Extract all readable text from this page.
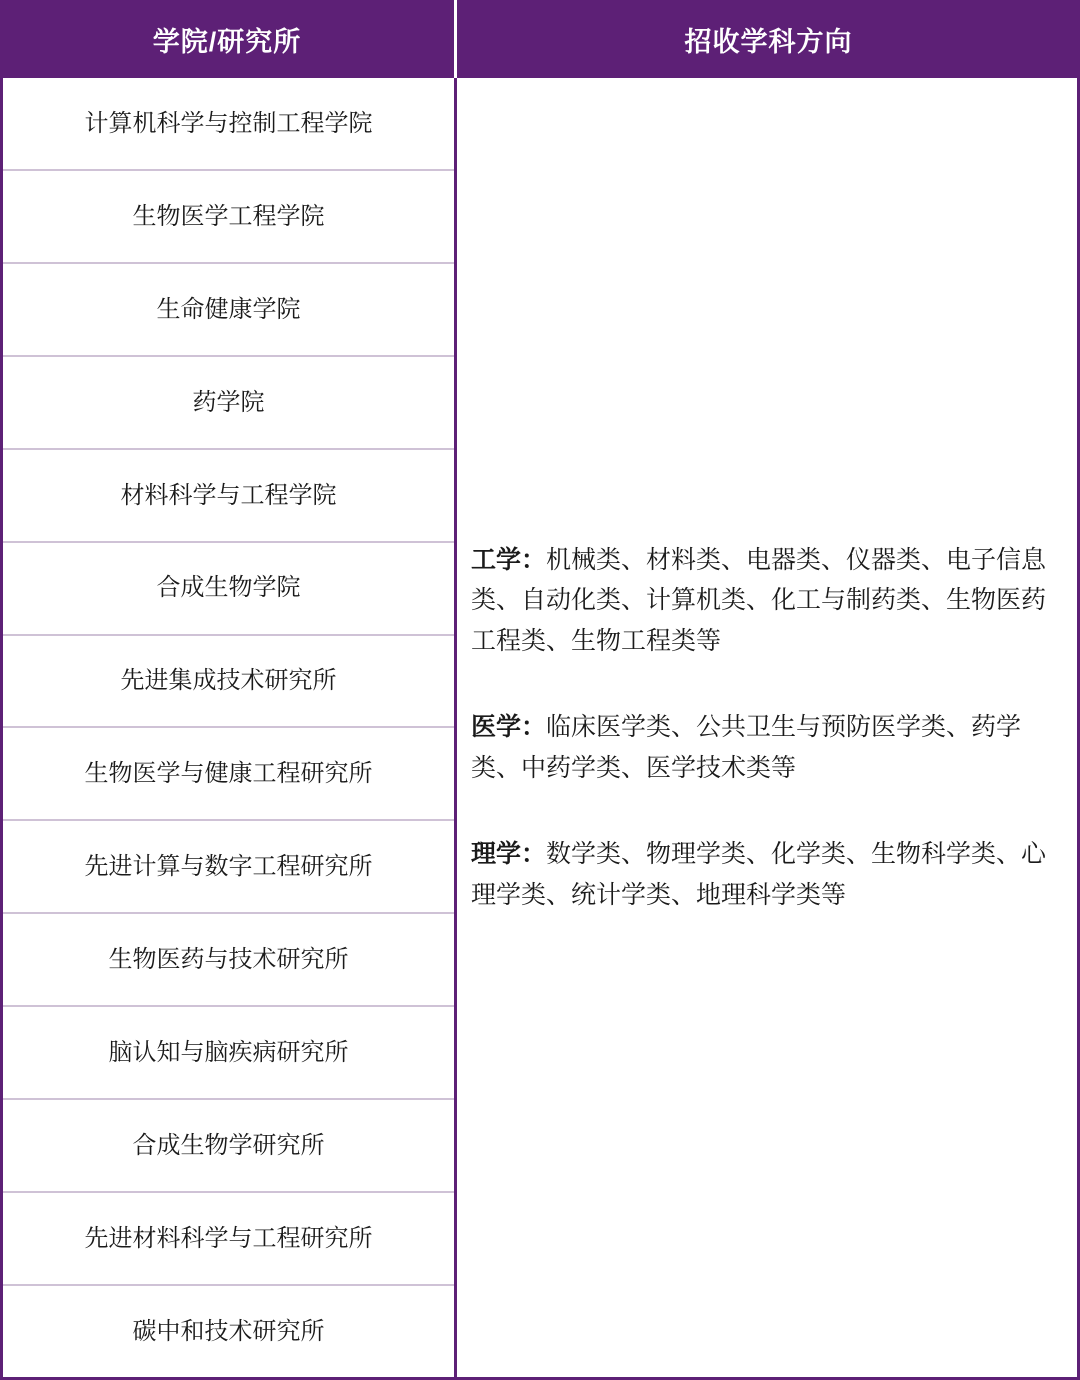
学院/研究所	招收学科方向
计算机科学与控制工程学院
生物医学工程学院
生命健康学院
药学院
材料科学与工程学院
合成生物学院
先进集成技术研究所
生物医学与健康工程研究所
先进计算与数字工程研究所
生物医药与技术研究所
脑认知与脑疾病研究所
合成生物学研究所
先进材料科学与工程研究所
碳中和技术研究所

工学：机械类、材料类、电器类、仪器类、电子信息类、自动化类、计算机类、化工与制药类、生物医药工程类、生物工程类等

医学：临床医学类、公共卫生与预防医学类、药学类、中药学类、医学技术类等

理学：数学类、物理学类、化学类、生物科学类、心理学类、统计学类、地理科学类等
